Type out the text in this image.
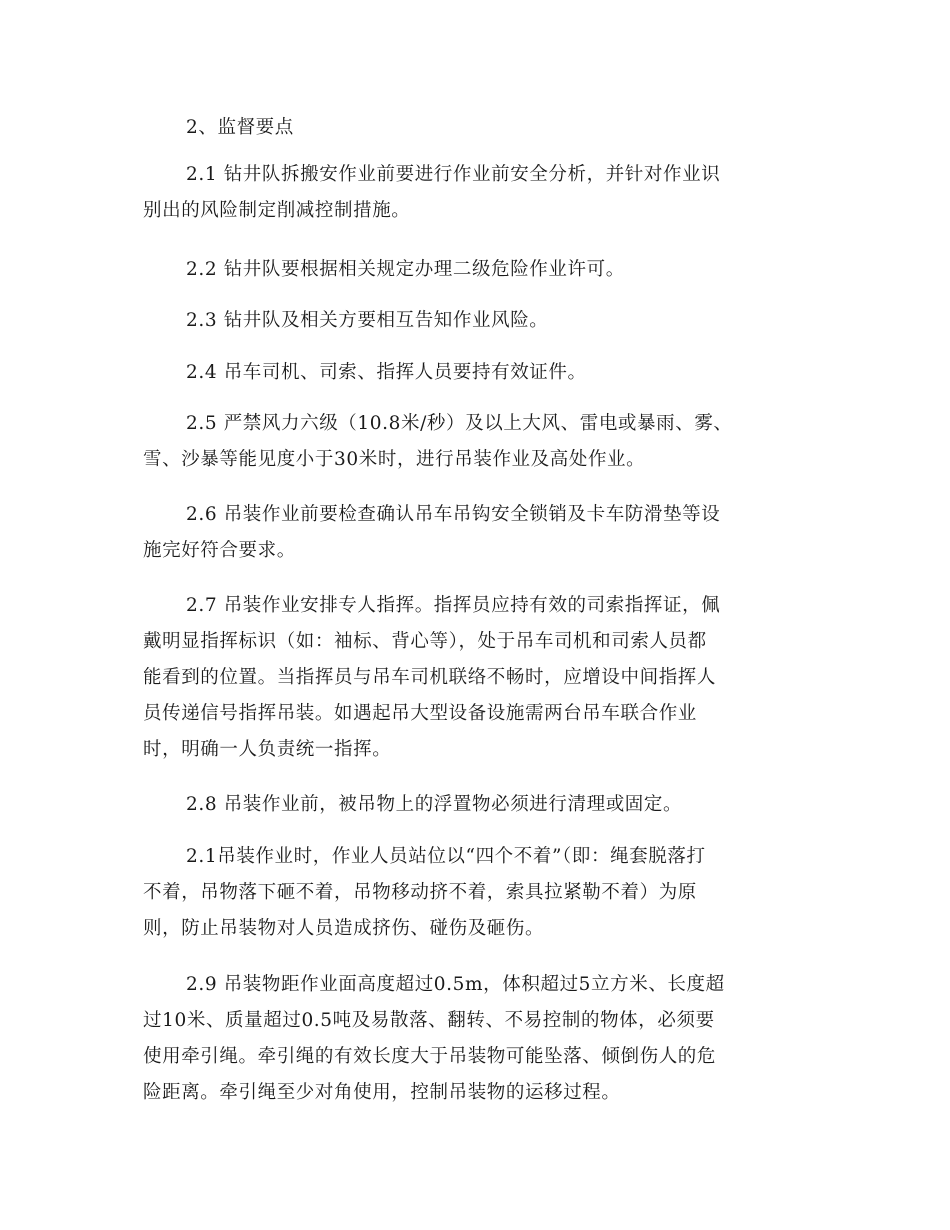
2、监督要点
2.1 钻井队拆搬安作业前要进行作业前安全分析，并针对作业识
别出的风险制定削减控制措施。
2.2 钻井队要根据相关规定办理二级危险作业许可。
2.3 钻井队及相关方要相互告知作业风险。
2.4 吊车司机、司索、指挥人员要持有效证件。
2.5 严禁风力六级（10.8米/秒）及以上大风、雷电或暴雨、雾、
雪、沙暴等能见度小于30米时，进行吊装作业及高处作业。
2.6 吊装作业前要检查确认吊车吊钩安全锁销及卡车防滑垫等设
施完好符合要求。
2.7 吊装作业安排专人指挥。指挥员应持有效的司索指挥证，佩
戴明显指挥标识（如：袖标、背心等），处于吊车司机和司索人员都
能看到的位置。当指挥员与吊车司机联络不畅时，应增设中间指挥人
员传递信号指挥吊装。如遇起吊大型设备设施需两台吊车联合作业
时，明确一人负责统一指挥。
2.8 吊装作业前，被吊物上的浮置物必须进行清理或固定。
2.1吊装作业时，作业人员站位以“四个不着”（即：绳套脱落打
不着，吊物落下砸不着，吊物移动挤不着，索具拉紧勒不着）为原
则，防止吊装物对人员造成挤伤、碰伤及砸伤。
2.9 吊装物距作业面高度超过0.5m，体积超过5立方米、长度超
过10米、质量超过0.5吨及易散落、翻转、不易控制的物体，必须要
使用牵引绳。牵引绳的有效长度大于吊装物可能坠落、倾倒伤人的危
险距离。牵引绳至少对角使用，控制吊装物的运移过程。
